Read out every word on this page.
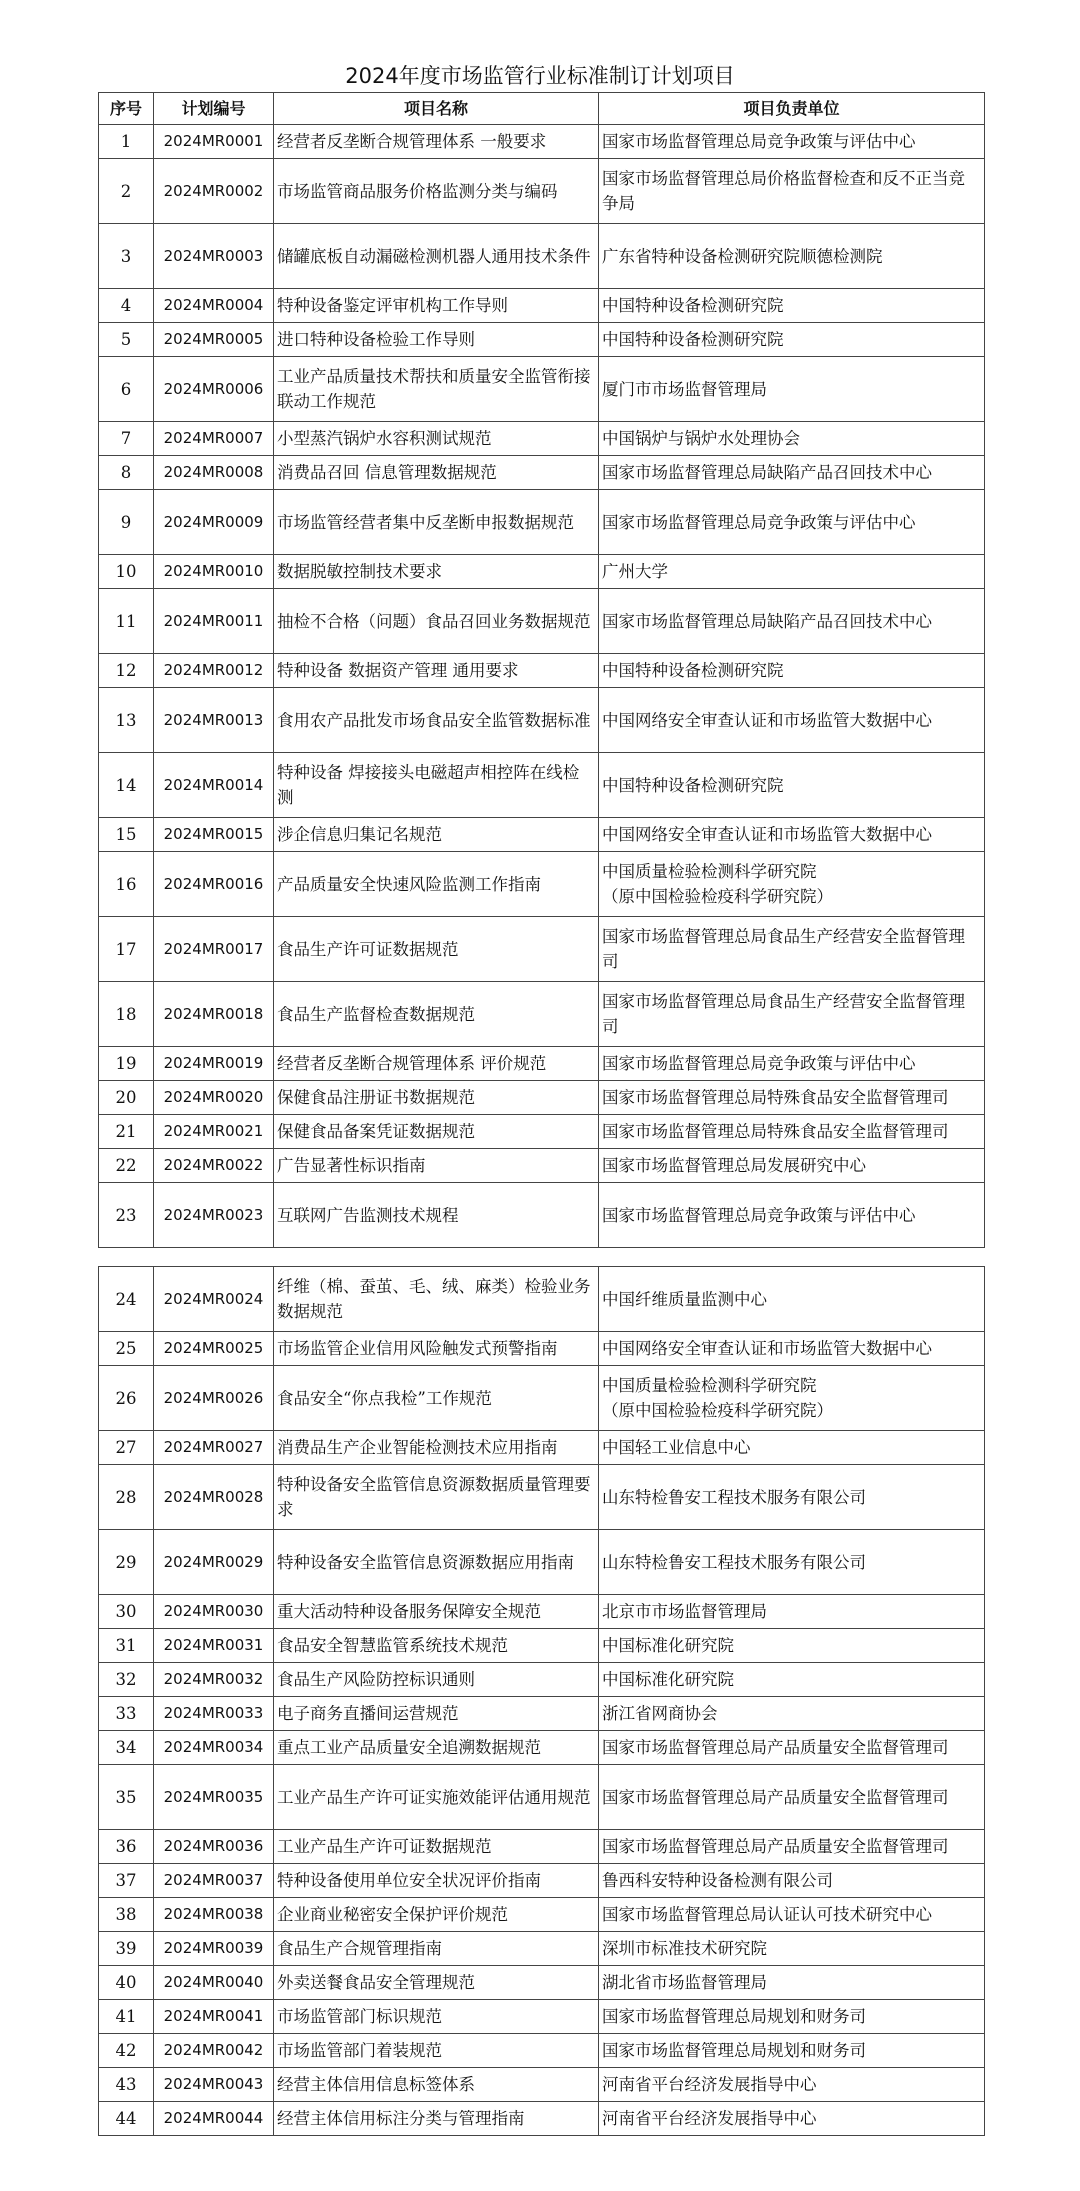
2024年度市场监管行业标准制订计划项目
序号	计划编号	项目名称	项目负责单位
1	2024MR0001	经营者反垄断合规管理体系 一般要求	国家市场监督管理总局竞争政策与评估中心
2	2024MR0002	市场监管商品服务价格监测分类与编码	国家市场监督管理总局价格监督检查和反不正当竞争局
3	2024MR0003	储罐底板自动漏磁检测机器人通用技术条件	广东省特种设备检测研究院顺德检测院
4	2024MR0004	特种设备鉴定评审机构工作导则	中国特种设备检测研究院
5	2024MR0005	进口特种设备检验工作导则	中国特种设备检测研究院
6	2024MR0006	工业产品质量技术帮扶和质量安全监管衔接联动工作规范	厦门市市场监督管理局
7	2024MR0007	小型蒸汽锅炉水容积测试规范	中国锅炉与锅炉水处理协会
8	2024MR0008	消费品召回 信息管理数据规范	国家市场监督管理总局缺陷产品召回技术中心
9	2024MR0009	市场监管经营者集中反垄断申报数据规范	国家市场监督管理总局竞争政策与评估中心
10	2024MR0010	数据脱敏控制技术要求	广州大学
11	2024MR0011	抽检不合格（问题）食品召回业务数据规范	国家市场监督管理总局缺陷产品召回技术中心
12	2024MR0012	特种设备 数据资产管理 通用要求	中国特种设备检测研究院
13	2024MR0013	食用农产品批发市场食品安全监管数据标准	中国网络安全审查认证和市场监管大数据中心
14	2024MR0014	特种设备 焊接接头电磁超声相控阵在线检测	中国特种设备检测研究院
15	2024MR0015	涉企信息归集记名规范	中国网络安全审查认证和市场监管大数据中心
16	2024MR0016	产品质量安全快速风险监测工作指南	中国质量检验检测科学研究院
（原中国检验检疫科学研究院）
17	2024MR0017	食品生产许可证数据规范	国家市场监督管理总局食品生产经营安全监督管理司
18	2024MR0018	食品生产监督检查数据规范	国家市场监督管理总局食品生产经营安全监督管理司
19	2024MR0019	经营者反垄断合规管理体系 评价规范	国家市场监督管理总局竞争政策与评估中心
20	2024MR0020	保健食品注册证书数据规范	国家市场监督管理总局特殊食品安全监督管理司
21	2024MR0021	保健食品备案凭证数据规范	国家市场监督管理总局特殊食品安全监督管理司
22	2024MR0022	广告显著性标识指南	国家市场监督管理总局发展研究中心
23	2024MR0023	互联网广告监测技术规程	国家市场监督管理总局竞争政策与评估中心
24	2024MR0024	纤维（棉、蚕茧、毛、绒、麻类）检验业务数据规范	中国纤维质量监测中心
25	2024MR0025	市场监管企业信用风险触发式预警指南	中国网络安全审查认证和市场监管大数据中心
26	2024MR0026	食品安全“你点我检”工作规范	中国质量检验检测科学研究院
（原中国检验检疫科学研究院）
27	2024MR0027	消费品生产企业智能检测技术应用指南	中国轻工业信息中心
28	2024MR0028	特种设备安全监管信息资源数据质量管理要求	山东特检鲁安工程技术服务有限公司
29	2024MR0029	特种设备安全监管信息资源数据应用指南	山东特检鲁安工程技术服务有限公司
30	2024MR0030	重大活动特种设备服务保障安全规范	北京市市场监督管理局
31	2024MR0031	食品安全智慧监管系统技术规范	中国标准化研究院
32	2024MR0032	食品生产风险防控标识通则	中国标准化研究院
33	2024MR0033	电子商务直播间运营规范	浙江省网商协会
34	2024MR0034	重点工业产品质量安全追溯数据规范	国家市场监督管理总局产品质量安全监督管理司
35	2024MR0035	工业产品生产许可证实施效能评估通用规范	国家市场监督管理总局产品质量安全监督管理司
36	2024MR0036	工业产品生产许可证数据规范	国家市场监督管理总局产品质量安全监督管理司
37	2024MR0037	特种设备使用单位安全状况评价指南	鲁西科安特种设备检测有限公司
38	2024MR0038	企业商业秘密安全保护评价规范	国家市场监督管理总局认证认可技术研究中心
39	2024MR0039	食品生产合规管理指南	深圳市标准技术研究院
40	2024MR0040	外卖送餐食品安全管理规范	湖北省市场监督管理局
41	2024MR0041	市场监管部门标识规范	国家市场监督管理总局规划和财务司
42	2024MR0042	市场监管部门着装规范	国家市场监督管理总局规划和财务司
43	2024MR0043	经营主体信用信息标签体系	河南省平台经济发展指导中心
44	2024MR0044	经营主体信用标注分类与管理指南	河南省平台经济发展指导中心
